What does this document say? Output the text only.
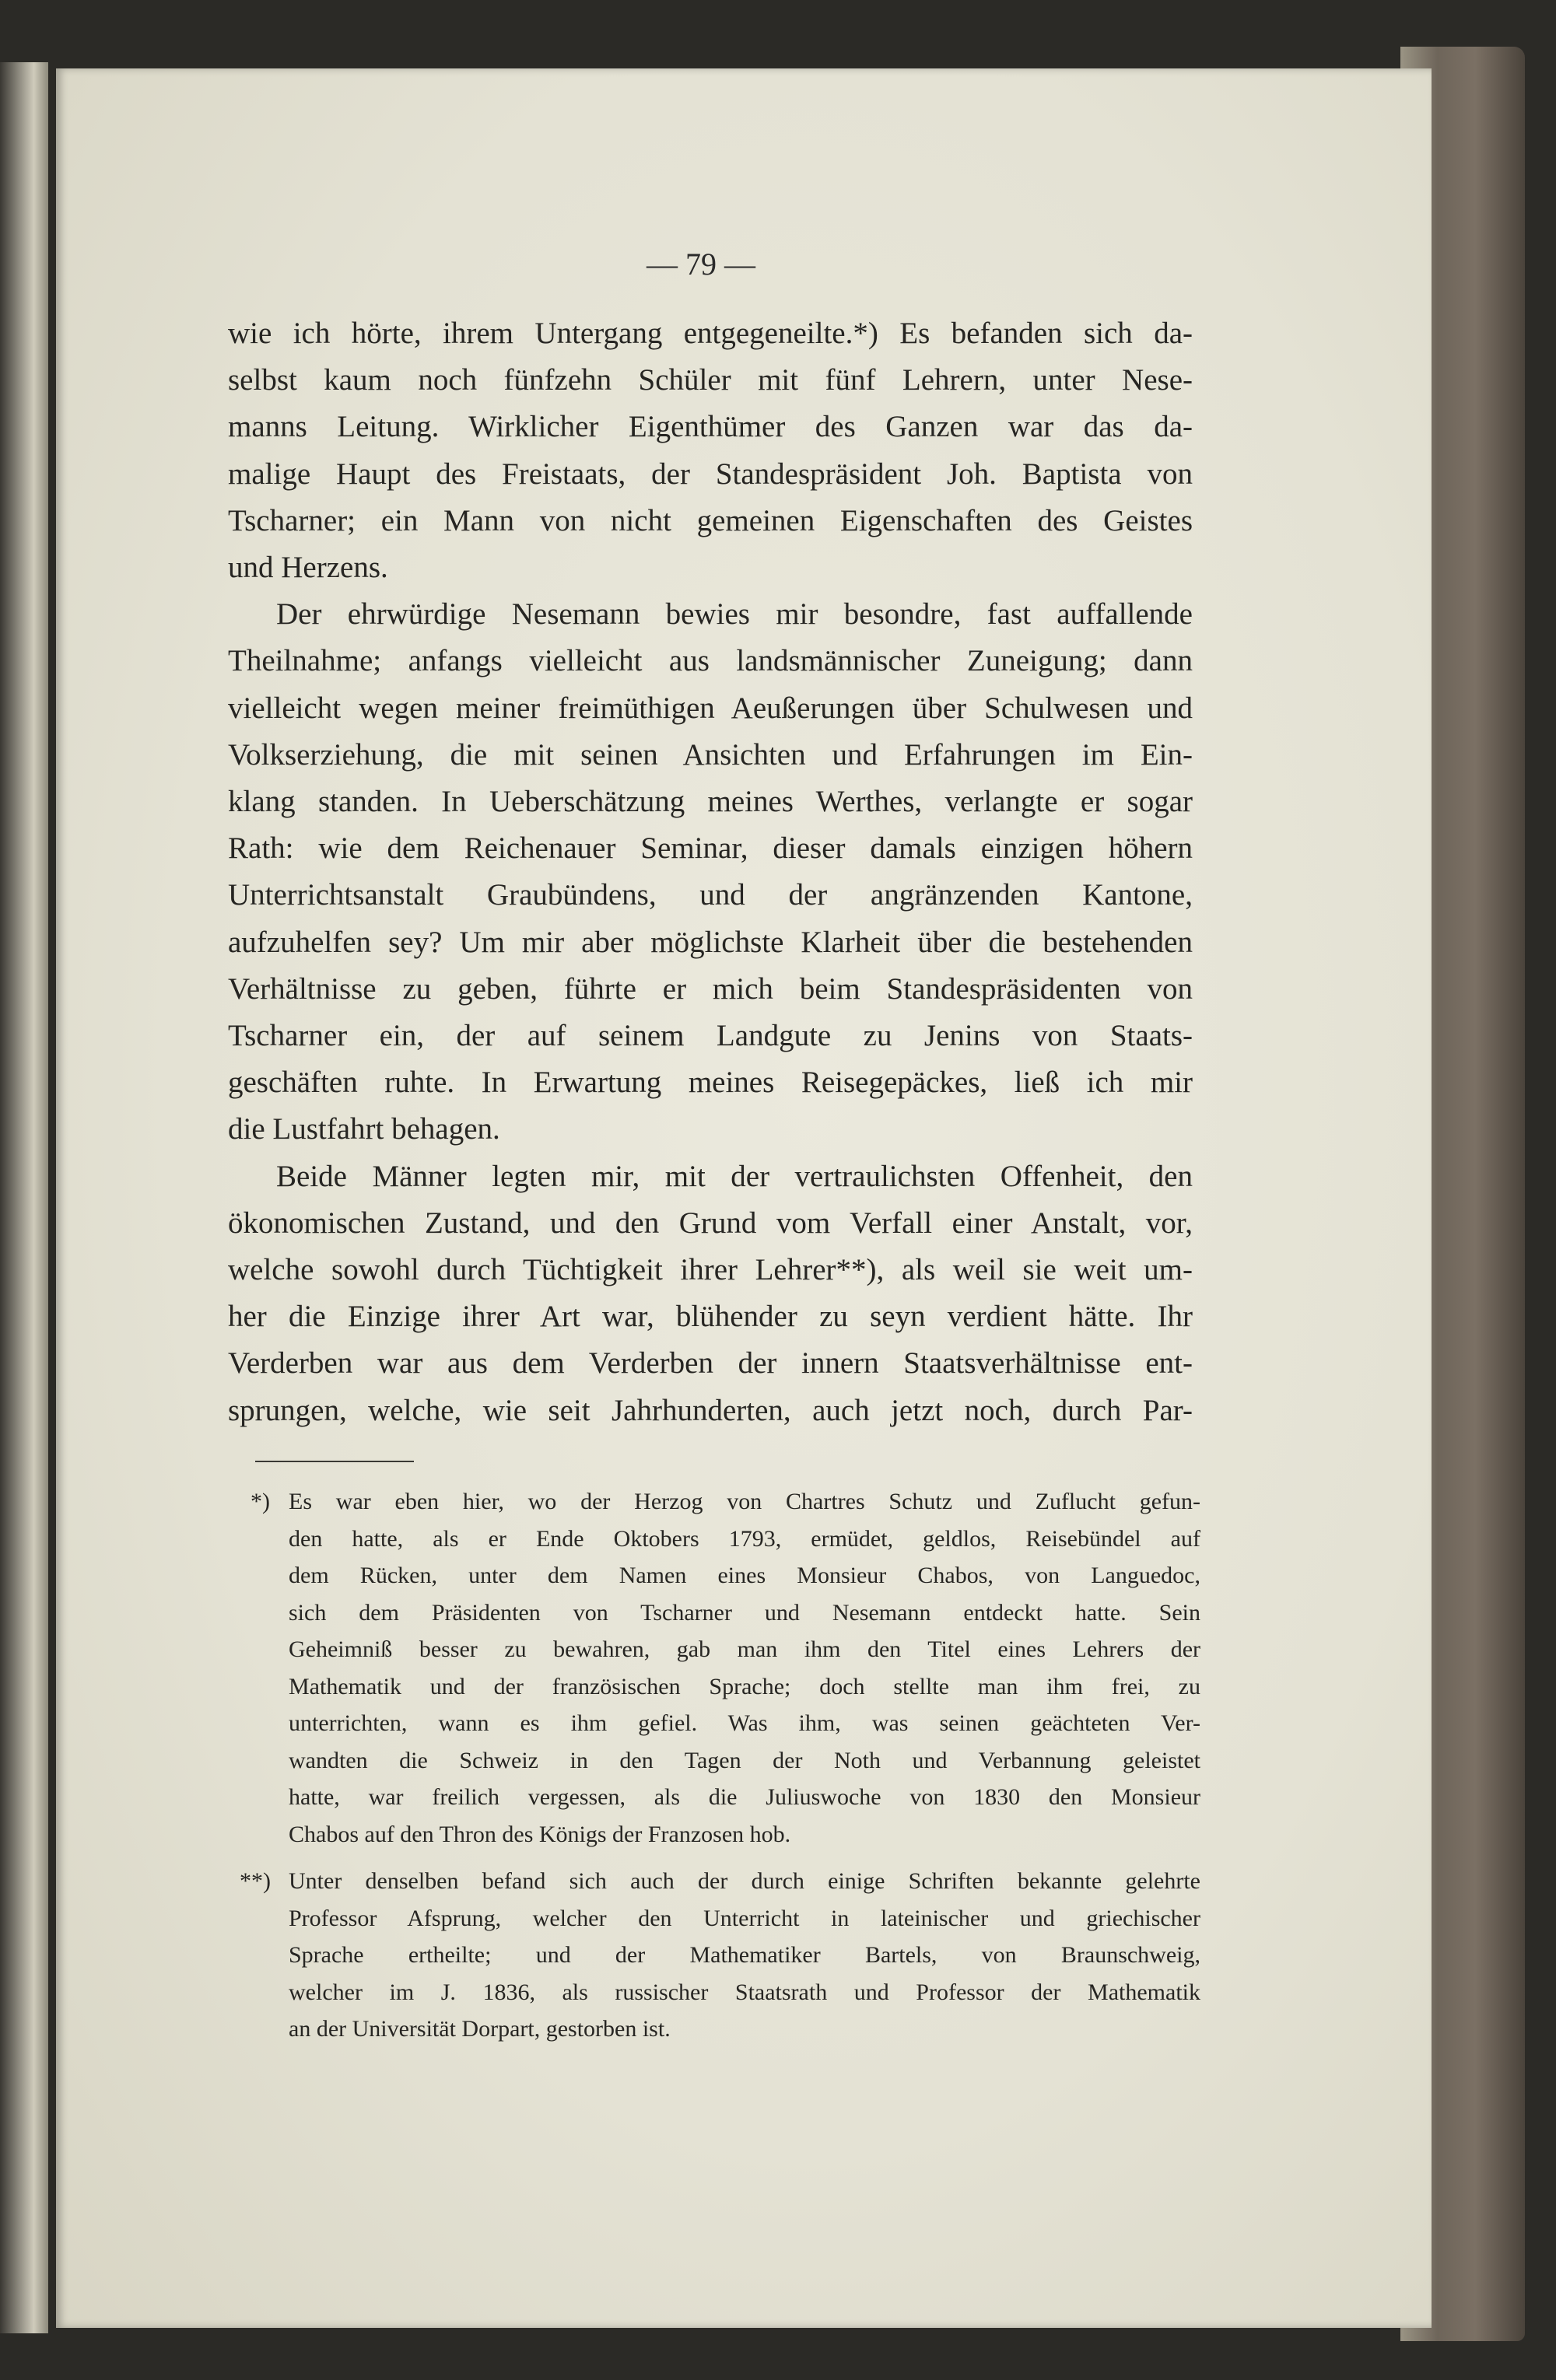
— 79 —
wie ich hörte, ihrem Untergang entgegeneilte.*) Es befanden sich da-
selbst kaum noch fünfzehn Schüler mit fünf Lehrern, unter Nese-
manns Leitung. Wirklicher Eigenthümer des Ganzen war das da-
malige Haupt des Freistaats, der Standespräsident Joh. Baptista von
Tscharner; ein Mann von nicht gemeinen Eigenschaften des Geistes
und Herzens.
Der ehrwürdige Nesemann bewies mir besondre, fast auffallende
Theilnahme; anfangs vielleicht aus landsmännischer Zuneigung; dann
vielleicht wegen meiner freimüthigen Aeußerungen über Schulwesen und
Volkserziehung, die mit seinen Ansichten und Erfahrungen im Ein-
klang standen. In Ueberschätzung meines Werthes, verlangte er sogar
Rath: wie dem Reichenauer Seminar, dieser damals einzigen höhern
Unterrichtsanstalt Graubündens, und der angränzenden Kantone,
aufzuhelfen sey? Um mir aber möglichste Klarheit über die bestehenden
Verhältnisse zu geben, führte er mich beim Standespräsidenten von
Tscharner ein, der auf seinem Landgute zu Jenins von Staats-
geschäften ruhte. In Erwartung meines Reisegepäckes, ließ ich mir
die Lustfahrt behagen.
Beide Männer legten mir, mit der vertraulichsten Offenheit, den
ökonomischen Zustand, und den Grund vom Verfall einer Anstalt, vor,
welche sowohl durch Tüchtigkeit ihrer Lehrer**), als weil sie weit um-
her die Einzige ihrer Art war, blühender zu seyn verdient hätte. Ihr
Verderben war aus dem Verderben der innern Staatsverhältnisse ent-
sprungen, welche, wie seit Jahrhunderten, auch jetzt noch, durch Par-
*) Es war eben hier, wo der Herzog von Chartres Schutz und Zuflucht gefun-
den hatte, als er Ende Oktobers 1793, ermüdet, geldlos, Reisebündel auf
dem Rücken, unter dem Namen eines Monsieur Chabos, von Languedoc,
sich dem Präsidenten von Tscharner und Nesemann entdeckt hatte. Sein
Geheimniß besser zu bewahren, gab man ihm den Titel eines Lehrers der
Mathematik und der französischen Sprache; doch stellte man ihm frei, zu
unterrichten, wann es ihm gefiel. Was ihm, was seinen geächteten Ver-
wandten die Schweiz in den Tagen der Noth und Verbannung geleistet
hatte, war freilich vergessen, als die Juliuswoche von 1830 den Monsieur
Chabos auf den Thron des Königs der Franzosen hob.
**) Unter denselben befand sich auch der durch einige Schriften bekannte gelehrte
Professor Afsprung, welcher den Unterricht in lateinischer und griechischer
Sprache ertheilte; und der Mathematiker Bartels, von Braunschweig,
welcher im J. 1836, als russischer Staatsrath und Professor der Mathematik
an der Universität Dorpart, gestorben ist.
